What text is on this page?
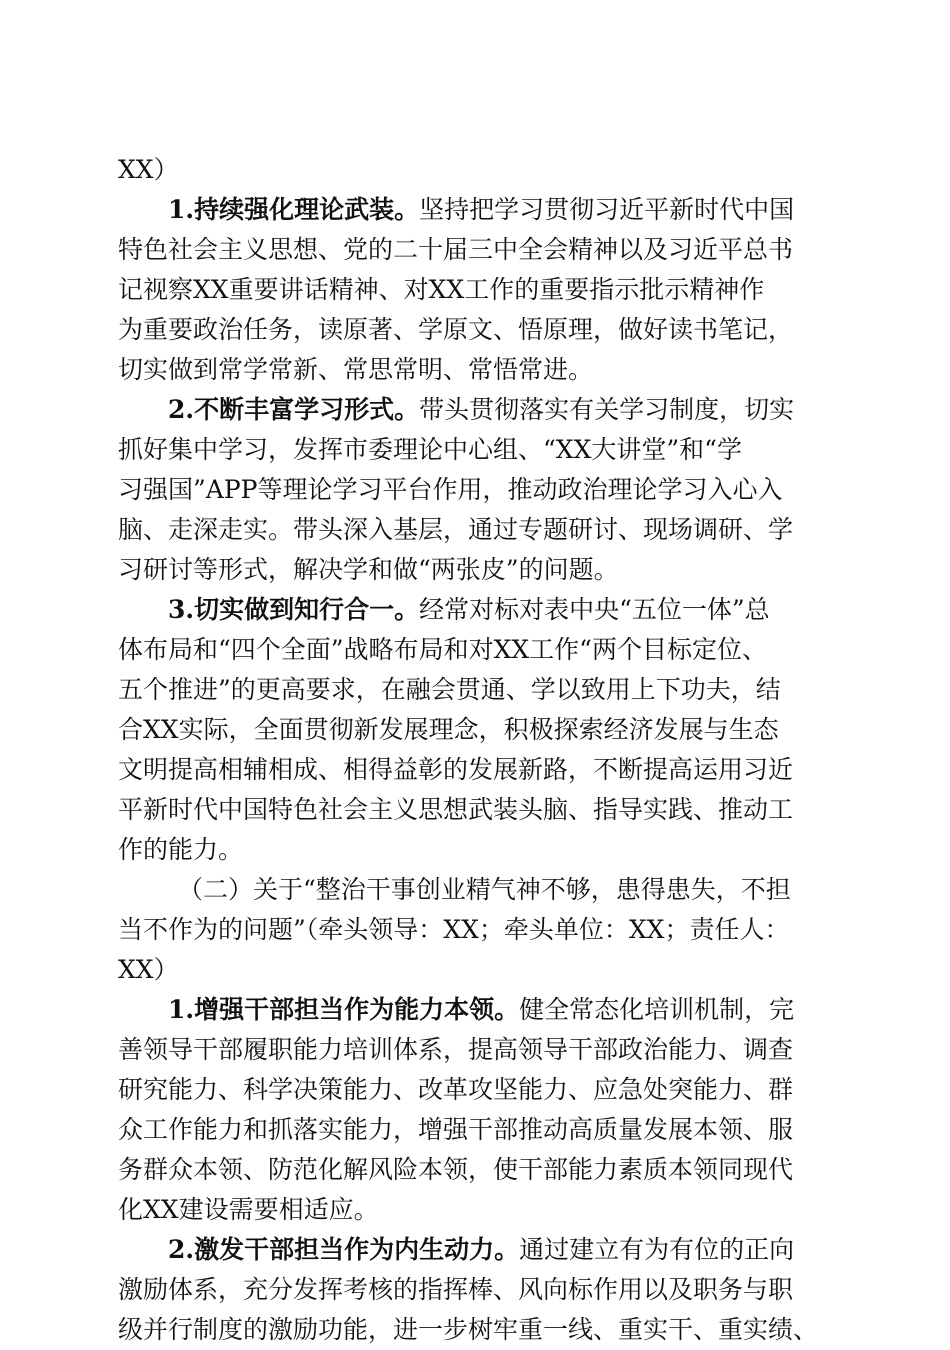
XX）
1.持续强化理论武装。坚持把学习贯彻习近平新时代中国
特色社会主义思想、党的二十届三中全会精神以及习近平总书
记视察XX重要讲话精神、对XX工作的重要指示批示精神作
为重要政治任务，读原著、学原文、悟原理，做好读书笔记，
切实做到常学常新、常思常明、常悟常进。
2.不断丰富学习形式。带头贯彻落实有关学习制度，切实
抓好集中学习，发挥市委理论中心组、“XX大讲堂”和“学
习强国”APP等理论学习平台作用，推动政治理论学习入心入
脑、走深走实。带头深入基层，通过专题研讨、现场调研、学
习研讨等形式，解决学和做“两张皮”的问题。
3.切实做到知行合一。经常对标对表中央“五位一体”总
体布局和“四个全面”战略布局和对XX工作“两个目标定位、
五个推进”的更高要求，在融会贯通、学以致用上下功夫，结
合XX实际，全面贯彻新发展理念，积极探索经济发展与生态
文明提高相辅相成、相得益彰的发展新路，不断提高运用习近
平新时代中国特色社会主义思想武装头脑、指导实践、推动工
作的能力。
（二）关于“整治干事创业精气神不够，患得患失，不担
当不作为的问题”（牵头领导：XX；牵头单位：XX；责任人：
XX）
1.增强干部担当作为能力本领。健全常态化培训机制，完
善领导干部履职能力培训体系，提高领导干部政治能力、调查
研究能力、科学决策能力、改革攻坚能力、应急处突能力、群
众工作能力和抓落实能力，增强干部推动高质量发展本领、服
务群众本领、防范化解风险本领，使干部能力素质本领同现代
化XX建设需要相适应。
2.激发干部担当作为内生动力。通过建立有为有位的正向
激励体系，充分发挥考核的指挥棒、风向标作用以及职务与职
级并行制度的激励功能，进一步树牢重一线、重实干、重实绩、
